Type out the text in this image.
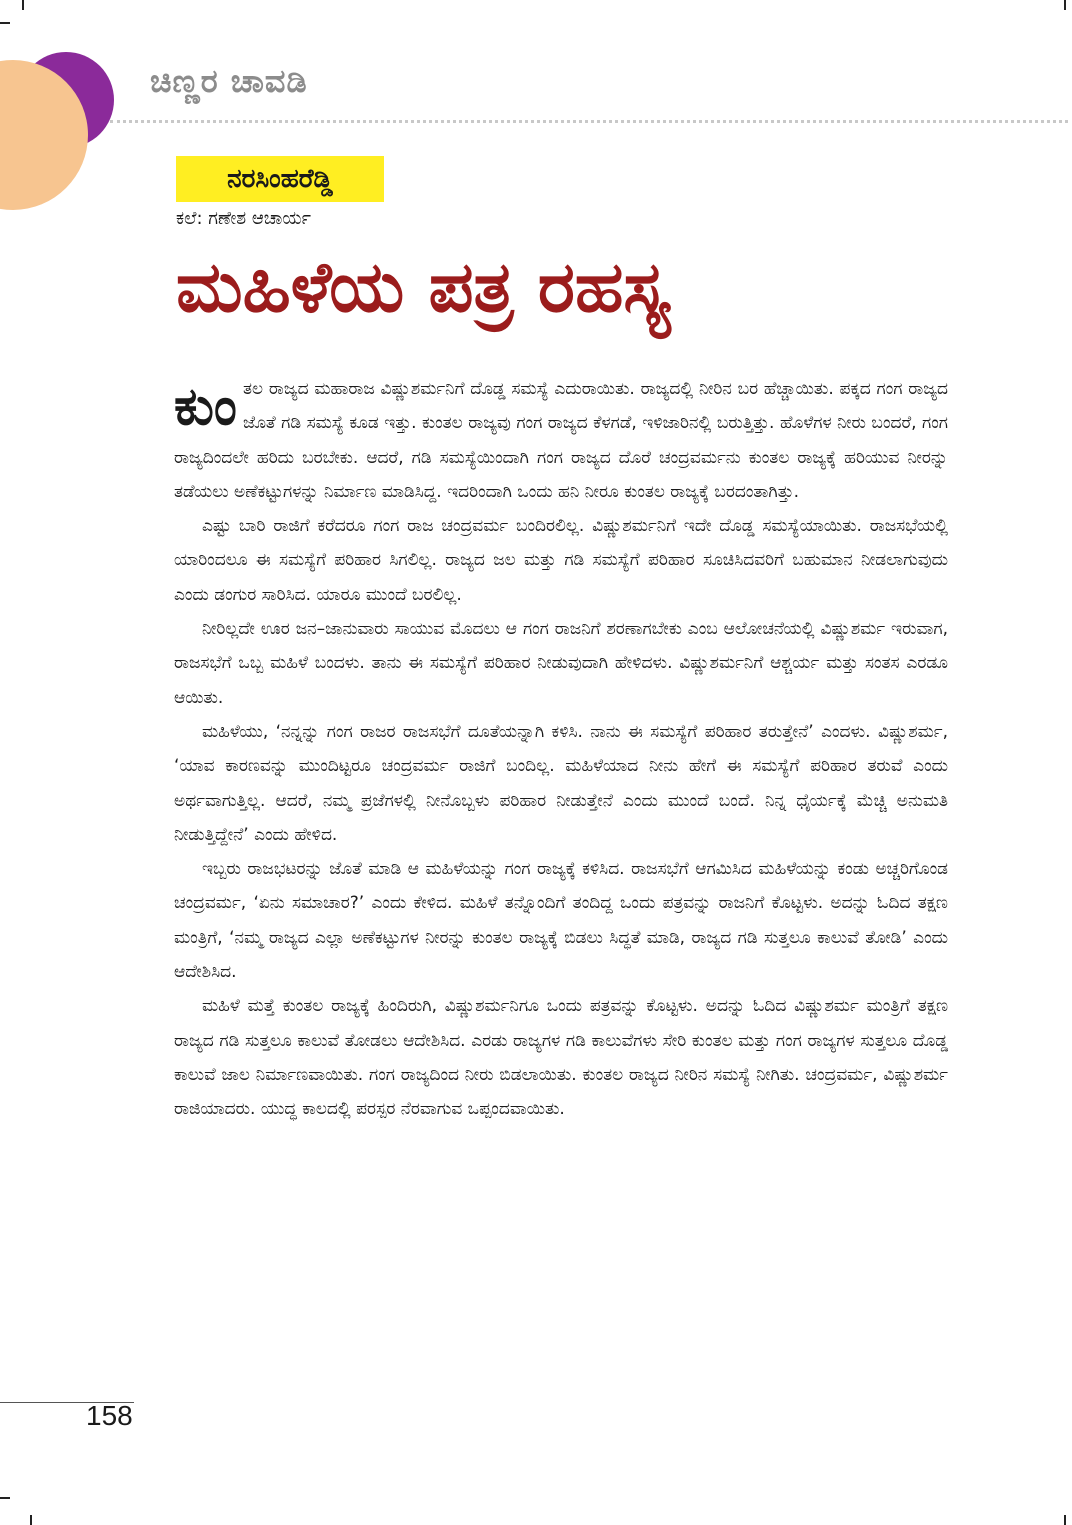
ಚಿಣ್ಣರ ಚಾವಡಿ
ನರಸಿಂಹರೆಡ್ಡಿ
ಕಲೆ: ಗಣೇಶ ಆಚಾರ್ಯ
ಮಹಿಳೆಯ ಪತ್ರ ರಹಸ್ಯ

ಕುಂತಲ ರಾಜ್ಯದ ಮಹಾರಾಜ ವಿಷ್ಣುಶರ್ಮನಿಗೆ ದೊಡ್ಡ ಸಮಸ್ಯೆ ಎದುರಾಯಿತು. ರಾಜ್ಯದಲ್ಲಿ ನೀರಿನ ಬರ ಹೆಚ್ಚಾಯಿತು. ಪಕ್ಕದ ಗಂಗ ರಾಜ್ಯದ ಜೊತೆ ಗಡಿ ಸಮಸ್ಯೆ ಕೂಡ ಇತ್ತು. ಕುಂತಲ ರಾಜ್ಯವು ಗಂಗ ರಾಜ್ಯದ ಕೆಳಗಡೆ, ಇಳಿಜಾರಿನಲ್ಲಿ ಬರುತ್ತಿತ್ತು. ಹೊಳೆಗಳ ನೀರು ಬಂದರೆ, ಗಂಗ ರಾಜ್ಯದಿಂದಲೇ ಹರಿದು ಬರಬೇಕು. ಆದರೆ, ಗಡಿ ಸಮಸ್ಯೆಯಿಂದಾಗಿ ಗಂಗ ರಾಜ್ಯದ ದೊರೆ ಚಂದ್ರವರ್ಮನು ಕುಂತಲ ರಾಜ್ಯಕ್ಕೆ ಹರಿಯುವ ನೀರನ್ನು ತಡೆಯಲು ಅಣೆಕಟ್ಟುಗಳನ್ನು ನಿರ್ಮಾಣ ಮಾಡಿಸಿದ್ದ. ಇದರಿಂದಾಗಿ ಒಂದು ಹನಿ ನೀರೂ ಕುಂತಲ ರಾಜ್ಯಕ್ಕೆ ಬರದಂತಾಗಿತ್ತು.

ಎಷ್ಟು ಬಾರಿ ರಾಜಿಗೆ ಕರೆದರೂ ಗಂಗ ರಾಜ ಚಂದ್ರವರ್ಮ ಬಂದಿರಲಿಲ್ಲ. ವಿಷ್ಣುಶರ್ಮನಿಗೆ ಇದೇ ದೊಡ್ಡ ಸಮಸ್ಯೆಯಾಯಿತು. ರಾಜಸಭೆಯಲ್ಲಿ ಯಾರಿಂದಲೂ ಈ ಸಮಸ್ಯೆಗೆ ಪರಿಹಾರ ಸಿಗಲಿಲ್ಲ. ರಾಜ್ಯದ ಜಲ ಮತ್ತು ಗಡಿ ಸಮಸ್ಯೆಗೆ ಪರಿಹಾರ ಸೂಚಿಸಿದವರಿಗೆ ಬಹುಮಾನ ನೀಡಲಾಗುವುದು ಎಂದು ಡಂಗುರ ಸಾರಿಸಿದ. ಯಾರೂ ಮುಂದೆ ಬರಲಿಲ್ಲ.

ನೀರಿಲ್ಲದೇ ಊರ ಜನ–ಜಾನುವಾರು ಸಾಯುವ ಮೊದಲು ಆ ಗಂಗ ರಾಜನಿಗೆ ಶರಣಾಗಬೇಕು ಎಂಬ ಆಲೋಚನೆಯಲ್ಲಿ ವಿಷ್ಣುಶರ್ಮ ಇರುವಾಗ, ರಾಜಸಭೆಗೆ ಒಬ್ಬ ಮಹಿಳೆ ಬಂದಳು. ತಾನು ಈ ಸಮಸ್ಯೆಗೆ ಪರಿಹಾರ ನೀಡುವುದಾಗಿ ಹೇಳಿದಳು. ವಿಷ್ಣುಶರ್ಮನಿಗೆ ಆಶ್ಚರ್ಯ ಮತ್ತು ಸಂತಸ ಎರಡೂ ಆಯಿತು.

ಮಹಿಳೆಯು, ‘ನನ್ನನ್ನು ಗಂಗ ರಾಜರ ರಾಜಸಭೆಗೆ ದೂತೆಯನ್ನಾಗಿ ಕಳಿಸಿ. ನಾನು ಈ ಸಮಸ್ಯೆಗೆ ಪರಿಹಾರ ತರುತ್ತೇನೆ’ ಎಂದಳು. ವಿಷ್ಣುಶರ್ಮ, ‘ಯಾವ ಕಾರಣವನ್ನು ಮುಂದಿಟ್ಟರೂ ಚಂದ್ರವರ್ಮ ರಾಜಿಗೆ ಬಂದಿಲ್ಲ. ಮಹಿಳೆಯಾದ ನೀನು ಹೇಗೆ ಈ ಸಮಸ್ಯೆಗೆ ಪರಿಹಾರ ತರುವೆ ಎಂದು ಅರ್ಥವಾಗುತ್ತಿಲ್ಲ. ಆದರೆ, ನಮ್ಮ ಪ್ರಜೆಗಳಲ್ಲಿ ನೀನೊಬ್ಬಳು ಪರಿಹಾರ ನೀಡುತ್ತೇನೆ ಎಂದು ಮುಂದೆ ಬಂದೆ. ನಿನ್ನ ಧೈರ್ಯಕ್ಕೆ ಮೆಚ್ಚಿ ಅನುಮತಿ ನೀಡುತ್ತಿದ್ದೇನೆ’ ಎಂದು ಹೇಳಿದ.

ಇಬ್ಬರು ರಾಜಭಟರನ್ನು ಜೊತೆ ಮಾಡಿ ಆ ಮಹಿಳೆಯನ್ನು ಗಂಗ ರಾಜ್ಯಕ್ಕೆ ಕಳಿಸಿದ. ರಾಜಸಭೆಗೆ ಆಗಮಿಸಿದ ಮಹಿಳೆಯನ್ನು ಕಂಡು ಅಚ್ಚರಿಗೊಂಡ ಚಂದ್ರವರ್ಮ, ‘ಏನು ಸಮಾಚಾರ?’ ಎಂದು ಕೇಳಿದ. ಮಹಿಳೆ ತನ್ನೊಂದಿಗೆ ತಂದಿದ್ದ ಒಂದು ಪತ್ರವನ್ನು ರಾಜನಿಗೆ ಕೊಟ್ಟಳು. ಅದನ್ನು ಓದಿದ ತಕ್ಷಣ ಮಂತ್ರಿಗೆ, ‘ನಮ್ಮ ರಾಜ್ಯದ ಎಲ್ಲಾ ಅಣೆಕಟ್ಟುಗಳ ನೀರನ್ನು ಕುಂತಲ ರಾಜ್ಯಕ್ಕೆ ಬಿಡಲು ಸಿದ್ಧತೆ ಮಾಡಿ, ರಾಜ್ಯದ ಗಡಿ ಸುತ್ತಲೂ ಕಾಲುವೆ ತೋಡಿ’ ಎಂದು ಆದೇಶಿಸಿದ.

ಮಹಿಳೆ ಮತ್ತೆ ಕುಂತಲ ರಾಜ್ಯಕ್ಕೆ ಹಿಂದಿರುಗಿ, ವಿಷ್ಣುಶರ್ಮನಿಗೂ ಒಂದು ಪತ್ರವನ್ನು ಕೊಟ್ಟಳು. ಅದನ್ನು ಓದಿದ ವಿಷ್ಣುಶರ್ಮ ಮಂತ್ರಿಗೆ ತಕ್ಷಣ ರಾಜ್ಯದ ಗಡಿ ಸುತ್ತಲೂ ಕಾಲುವೆ ತೋಡಲು ಆದೇಶಿಸಿದ. ಎರಡು ರಾಜ್ಯಗಳ ಗಡಿ ಕಾಲುವೆಗಳು ಸೇರಿ ಕುಂತಲ ಮತ್ತು ಗಂಗ ರಾಜ್ಯಗಳ ಸುತ್ತಲೂ ದೊಡ್ಡ ಕಾಲುವೆ ಜಾಲ ನಿರ್ಮಾಣವಾಯಿತು. ಗಂಗ ರಾಜ್ಯದಿಂದ ನೀರು ಬಿಡಲಾಯಿತು. ಕುಂತಲ ರಾಜ್ಯದ ನೀರಿನ ಸಮಸ್ಯೆ ನೀಗಿತು. ಚಂದ್ರವರ್ಮ, ವಿಷ್ಣುಶರ್ಮ ರಾಜಿಯಾದರು. ಯುದ್ಧ ಕಾಲದಲ್ಲಿ ಪರಸ್ಪರ ನೆರವಾಗುವ ಒಪ್ಪಂದವಾಯಿತು.

158
